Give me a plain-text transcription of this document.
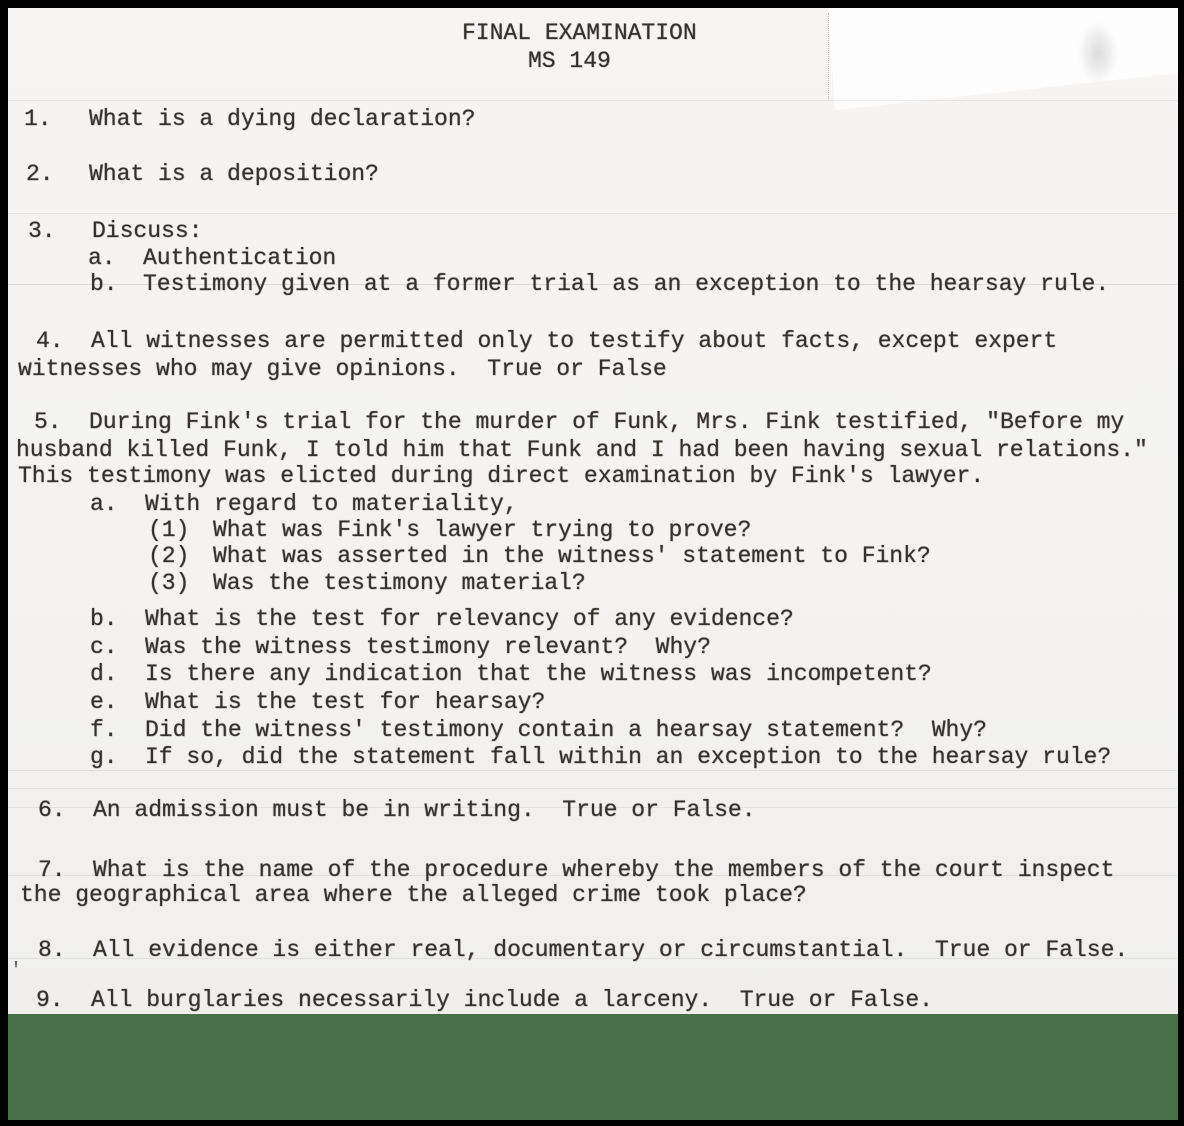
'
FINAL EXAMINATION
MS 149
1. What is a dying declaration?
2. What is a deposition?
3. Discuss:
a. Authentication
b. Testimony given at a former trial as an exception to the hearsay rule.
4. All witnesses are permitted only to testify about facts, except expert
witnesses who may give opinions.  True or False
5. During Fink's trial for the murder of Funk, Mrs. Fink testified, "Before my
husband killed Funk, I told him that Funk and I had been having sexual relations."
This testimony was elicted during direct examination by Fink's lawyer.
a. With regard to materiality,
(1) What was Fink's lawyer trying to prove?
(2) What was asserted in the witness' statement to Fink?
(3) Was the testimony material?
b. What is the test for relevancy of any evidence?
c. Was the witness testimony relevant?  Why?
d. Is there any indication that the witness was incompetent?
e. What is the test for hearsay?
f. Did the witness' testimony contain a hearsay statement?  Why?
g. If so, did the statement fall within an exception to the hearsay rule?
6. An admission must be in writing.  True or False.
7. What is the name of the procedure whereby the members of the court inspect
the geographical area where the alleged crime took place?
8. All evidence is either real, documentary or circumstantial.  True or False.
9. All burglaries necessarily include a larceny.  True or False.
